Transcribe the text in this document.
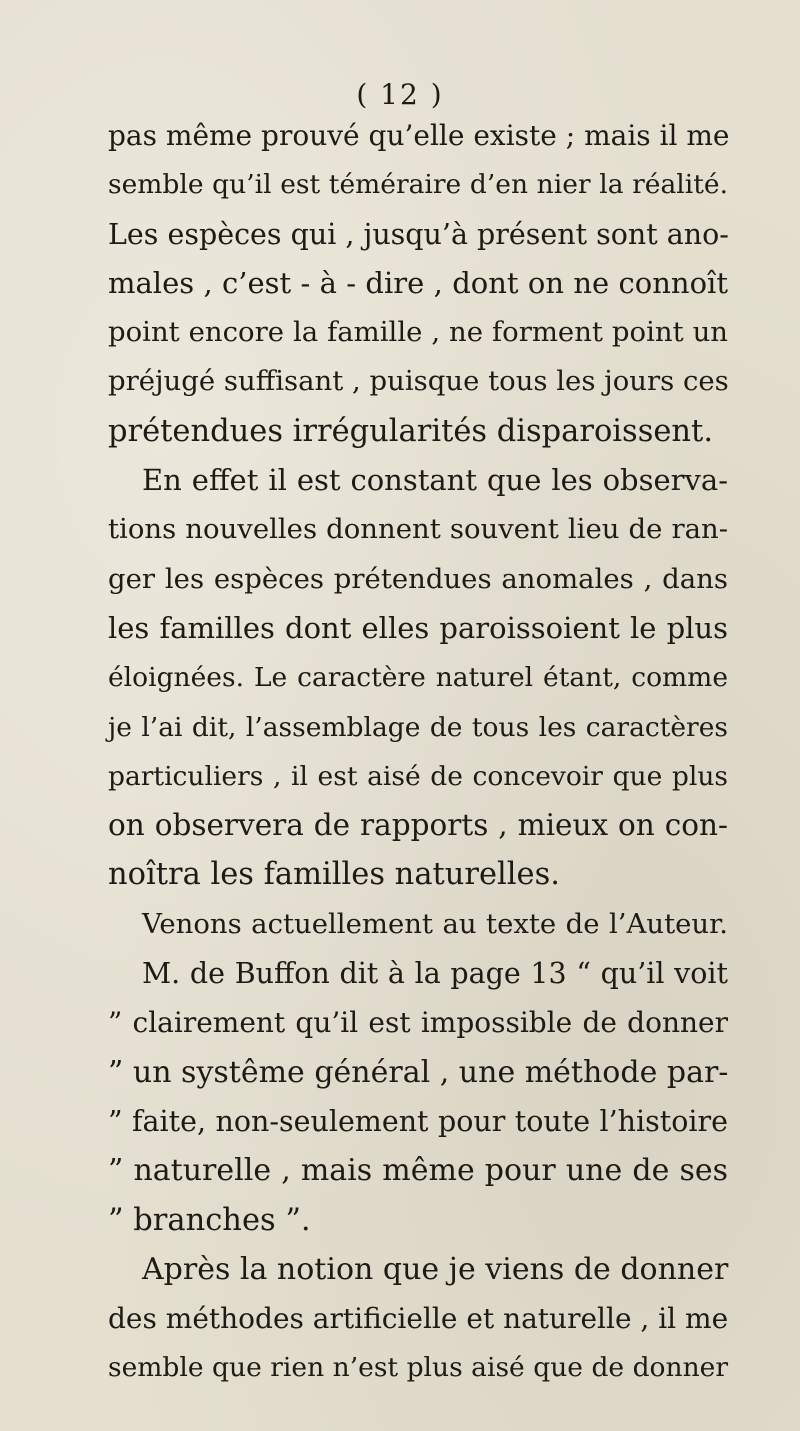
( 12 )
pas même prouvé qu’elle existe ; mais il me
semble qu’il est téméraire d’en nier la réalité.
Les espèces qui , jusqu’à présent sont ano-
males , c’est - à - dire , dont on ne connoît
point encore la famille , ne forment point un
préjugé suffisant , puisque tous les jours ces
prétendues irrégularités disparoissent.
En effet il est constant que les observa-
tions nouvelles donnent souvent lieu de ran-
ger les espèces prétendues anomales , dans
les familles dont elles paroissoient le plus
éloignées. Le caractère naturel étant, comme
je l’ai dit, l’assemblage de tous les caractères
particuliers , il est aisé de concevoir que plus
on observera de rapports , mieux on con-
noîtra les familles naturelles.
Venons actuellement au texte de l’Auteur.
M. de Buffon dit à la page 13 “ qu’il voit
” clairement qu’il est impossible de donner
” un systême général , une méthode par-
” faite, non-seulement pour toute l’histoire
” naturelle , mais même pour une de ses
” branches ”.
Après la notion que je viens de donner
des méthodes artificielle et naturelle , il me
semble que rien n’est plus aisé que de donner
